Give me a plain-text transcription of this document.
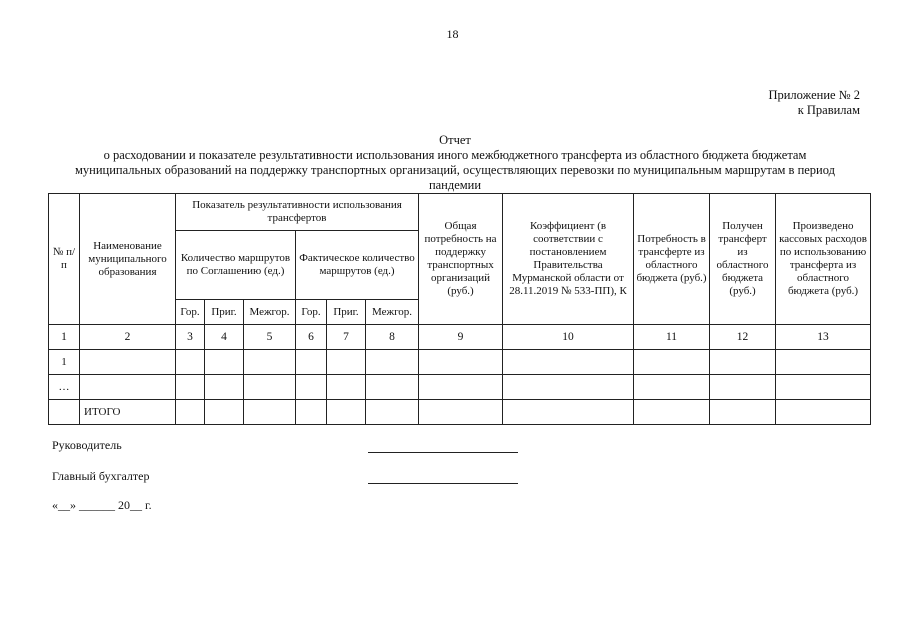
18
Приложение № 2
к Правилам
Отчет
о расходовании и показателе результативности использования иного межбюджетного трансферта из областного бюджета бюджетам
муниципальных образований на поддержку транспортных организаций, осуществляющих перевозки по муниципальным маршрутам в период
пандемии
№ п/п	Наименование муниципального образования	Показатель результативности использования трансфертов						Общая потребность на поддержку транспортных организаций (руб.)	Коэффициент (в соответствии с постановлением Правительства Мурманской области от 28.11.2019 № 533-ПП), К	Потребность в трансферте из областного бюджета (руб.)	Получен трансферт из областного бюджета (руб.)	Произведено кассовых расходов по использованию трансферта из областного бюджета (руб.)
		Количество маршрутов по Соглашению (ед.)			Фактическое количество маршрутов (ед.)							
		Гор.	Приг.	Межгор.	Гор.	Приг.	Межгор.					
1	2	3	4	5	6	7	8	9	10	11	12	13
1												
…												
	ИТОГО											
Руководитель
Главный бухгалтер
«__» ______ 20__ г.
